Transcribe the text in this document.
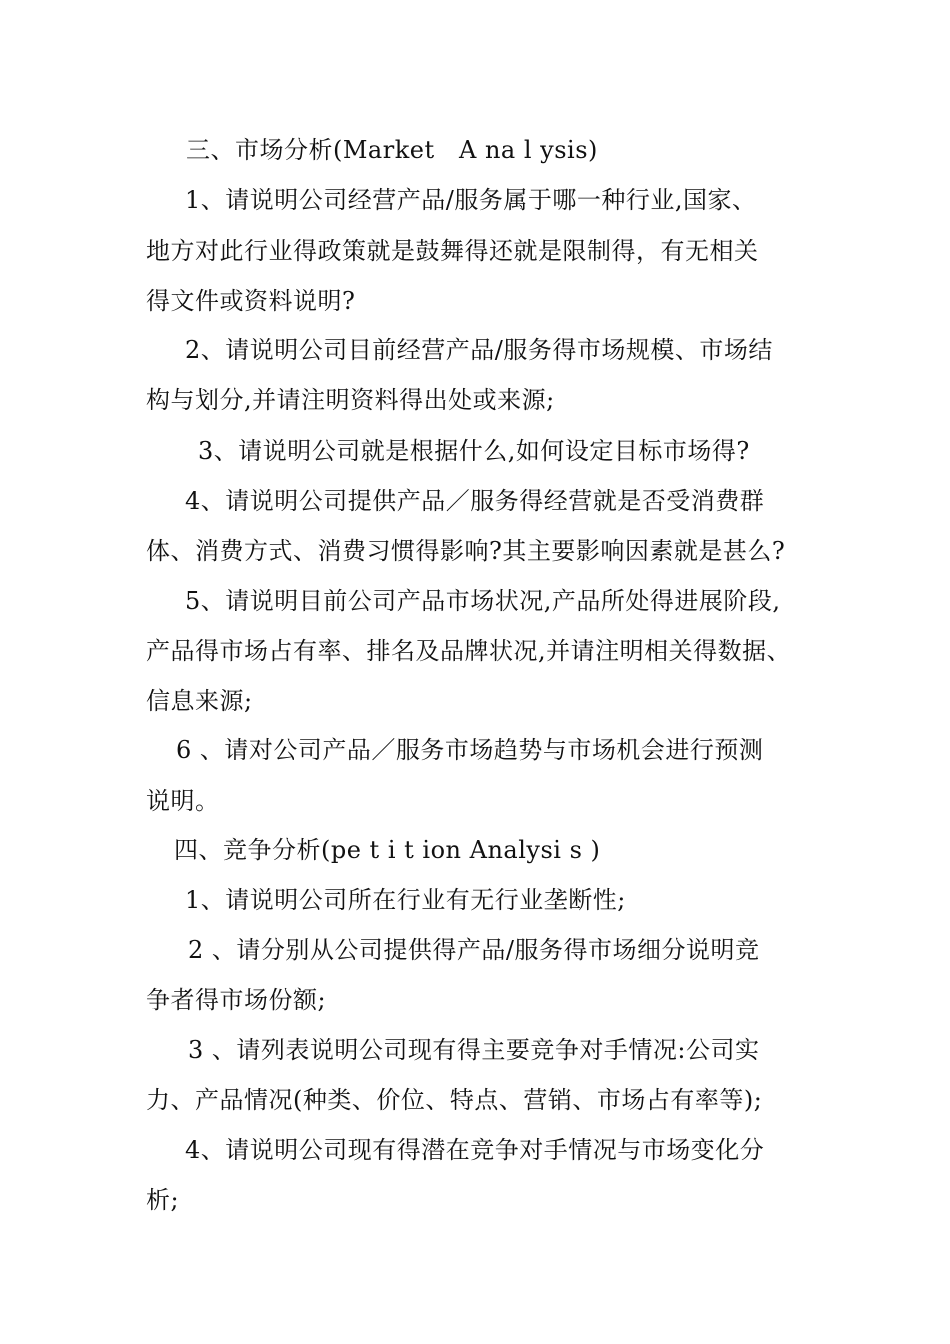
三、市场分析(Market   A na l ysis)
1、请说明公司经营产品/服务属于哪一种行业,国家、
地方对此行业得政策就是鼓舞得还就是限制得，有无相关
得文件或资料说明?
2、请说明公司目前经营产品/服务得市场规模、市场结
构与划分,并请注明资料得出处或来源;
3、请说明公司就是根据什么,如何设定目标市场得?
4、请说明公司提供产品／服务得经营就是否受消费群
体、消费方式、消费习惯得影响?其主要影响因素就是甚么?
5、请说明目前公司产品市场状况,产品所处得进展阶段,
产品得市场占有率、排名及品牌状况,并请注明相关得数据、
信息来源;
6 、请对公司产品／服务市场趋势与市场机会进行预测
说明。
四、竞争分析(pe t i t ion Analysi s )
1、请说明公司所在行业有无行业垄断性;
2 、请分别从公司提供得产品/服务得市场细分说明竞
争者得市场份额;
3 、请列表说明公司现有得主要竞争对手情况:公司实
力、产品情况(种类、价位、特点、营销、市场占有率等);
4、请说明公司现有得潜在竞争对手情况与市场变化分
析;
